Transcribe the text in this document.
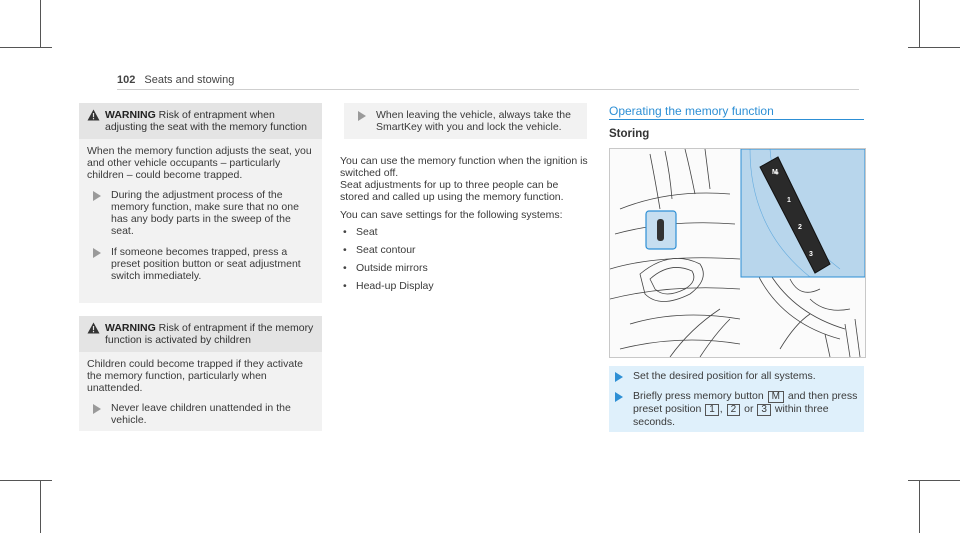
102 Seats and stowing
WARNING Risk of entrapment when adjusting the seat with the memory function

When the memory function adjusts the seat, you and other vehicle occupants – particularly children – could become trapped.

During the adjustment process of the memory function, make sure that no one has any body parts in the sweep of the seat.
If someone becomes trapped, press a preset position button or seat adjustment switch immediately.
WARNING Risk of entrapment if the memory function is activated by children

Children could become trapped if they activate the memory function, particularly when unattended.

Never leave children unattended in the vehicle.
When leaving the vehicle, always take the SmartKey with you and lock the vehicle.

You can use the memory function when the ignition is switched off.

Seat adjustments for up to three people can be stored and called up using the memory function.

You can save settings for the following systems:

• Seat
• Seat contour
• Outside mirrors
• Head-up Display
Operating the memory function
Storing
M
1
2
3
Set the desired position for all systems.
Briefly press memory button M and then press preset position 1 , 2 or 3 within three seconds.
